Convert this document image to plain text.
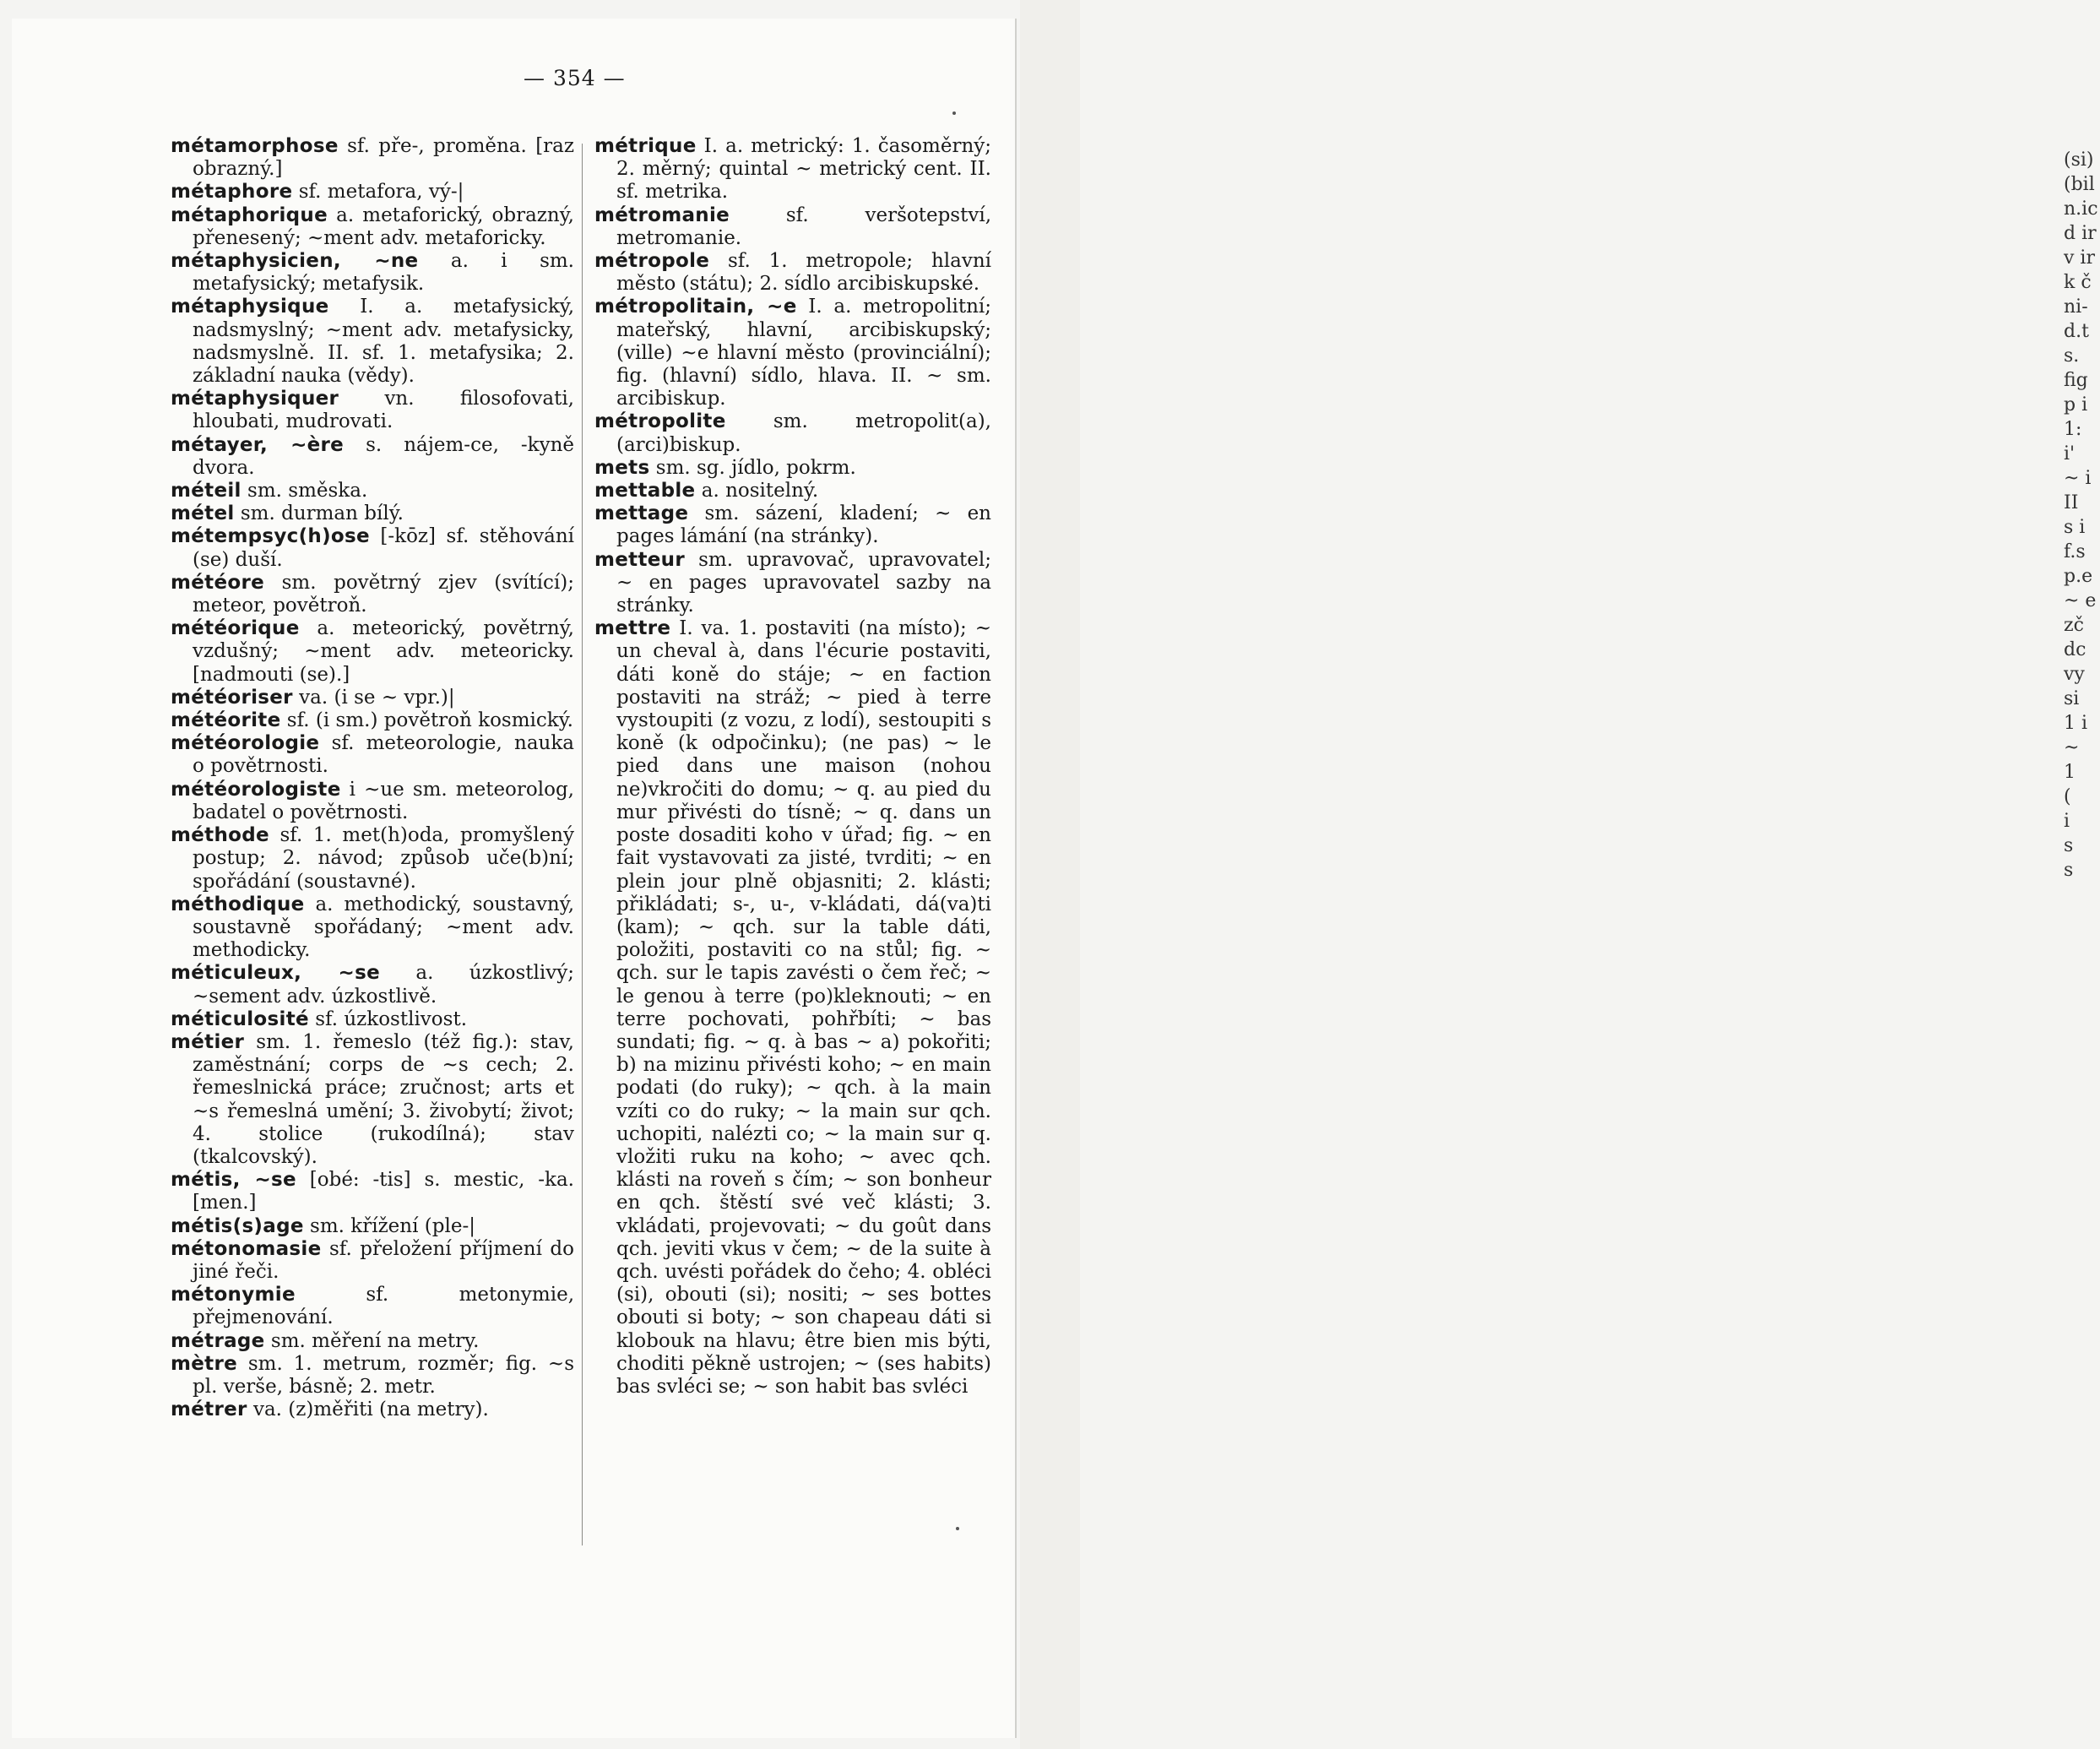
(si)
(bil
n.ic
d ir
v ir
k č
ni-
d.t
s.
fig
p i
1:
i'
~ i
II
s i
f.s
p.e
~ e
zč
dc
vy
si
1 i
~
1
(
i
s
s
— 354 —

métamorphose sf. pře-, proměna. [raz obrazný.]

métaphore sf. metafora, vý-|

métaphorique a. metaforický, obrazný, přenesený; ~ment adv. metaforicky.

métaphysicien, ~ne a. i sm. metafysický; metafysik.

métaphysique I. a. metafysický, nadsmyslný; ~ment adv. metafysicky, nadsmyslně. II. sf. 1. metafysika; 2. základní nauka (vědy).

métaphysiquer vn. filosofovati, hloubati, mudrovati.

métayer, ~ère s. nájem-ce, -kyně dvora.

méteil sm. směska.

métel sm. durman bílý.

métempsyc(h)ose [-kōz] sf. stěhování (se) duší.

météore sm. povětrný zjev (svítící); meteor, povětroň.

météorique a. meteorický, povětrný, vzdušný; ~ment adv. meteoricky. [nadmouti (se).]

météoriser va. (i se ~ vpr.)|

météorite sf. (i sm.) povětroň kosmický.

météorologie sf. meteorologie, nauka o povětrnosti.

météorologiste i ~ue sm. meteorolog, badatel o povětrnosti.

méthode sf. 1. met(h)oda, promyšlený postup; 2. návod; způsob uče(b)ní; spořádání (soustavné).

méthodique a. methodický, soustavný, soustavně spořádaný; ~ment adv. methodicky.

méticuleux, ~se a. úzkostlivý; ~sement adv. úzkostlivě.

méticulosité sf. úzkostlivost.

métier sm. 1. řemeslo (též fig.): stav, zaměstnání; corps de ~s cech; 2. řemeslnická práce; zručnost; arts et ~s řemeslná umění; 3. živobytí; život; 4. stolice (rukodílná); stav (tkalcovský).

métis, ~se [obé: -tis] s. mestic, -ka. [men.]

métis(s)age sm. křížení (ple-|

métonomasie sf. přeložení příjmení do jiné řeči.

métonymie	sf. metonymie, přejmenování.

métrage sm. měření na metry.

mètre sm. 1. metrum, rozměr; fig. ~s pl. verše, básně; 2. metr.

métrer va. (z)měřiti (na metry).

métrique I. a. metrický: 1. časoměrný; 2. měrný; quintal ~ metrický cent. II. sf. metrika.

métromanie	sf. veršotepství, metromanie.

métropole sf. 1. metropole; hlavní město (státu); 2. sídlo arcibiskupské.

métropolitain, ~e I. a. metropolitní; mateřský, hlavní, arcibiskupský; (ville) ~e hlavní město (provinciální); fig. (hlavní) sídlo, hlava. II. ~ sm. arcibiskup.

métropolite sm. metropolit(a), (arci)biskup.

mets sm. sg. jídlo, pokrm.

mettable a. nositelný.

mettage sm. sázení, kladení; ~ en pages lámání (na stránky).

metteur sm. upravovač, upravovatel; ~ en pages upravovatel sazby na stránky.

mettre I. va. 1. postaviti (na místo); ~ un cheval à, dans l'écurie postaviti, dáti koně do stáje; ~ en faction postaviti na stráž; ~ pied à terre vystoupiti (z vozu, z lodí), sestoupiti s koně (k odpočinku); (ne pas) ~ le pied dans une maison (nohou ne)vkročiti do domu; ~ q. au pied du mur přivésti do tísně; ~ q. dans un poste dosaditi koho v úřad; fig. ~ en fait vystavovati za jisté, tvrditi; ~ en plein jour plně objasniti; 2. klásti; přikládati; s-, u-, v-kládati, dá(va)ti (kam); ~ qch. sur la table dáti, položiti, postaviti co na stůl; fig. ~ qch. sur le tapis zavésti o čem řeč; ~ le genou à terre (po)kleknouti; ~ en terre pochovati, pohřbíti; ~ bas sundati; fig. ~ q. à bas ~ a) pokořiti; b) na mizinu přivésti koho; ~ en main podati (do ruky); ~ qch. à la main vzíti co do ruky; ~ la main sur qch. uchopiti, nalézti co; ~ la main sur q. vložiti ruku na koho; ~ avec qch. klásti na roveň s čím; ~ son bonheur en qch. štěstí své več klásti; 3. vkládati, projevovati; ~ du goût dans qch. jeviti vkus v čem; ~ de la suite à qch. uvésti pořádek do čeho; 4. obléci (si), obouti (si); nositi; ~ ses bottes obouti si boty; ~ son chapeau dáti si klobouk na hlavu; être bien mis býti, choditi pěkně ustrojen; ~ (ses habits) bas svléci se; ~ son habit bas svléci
